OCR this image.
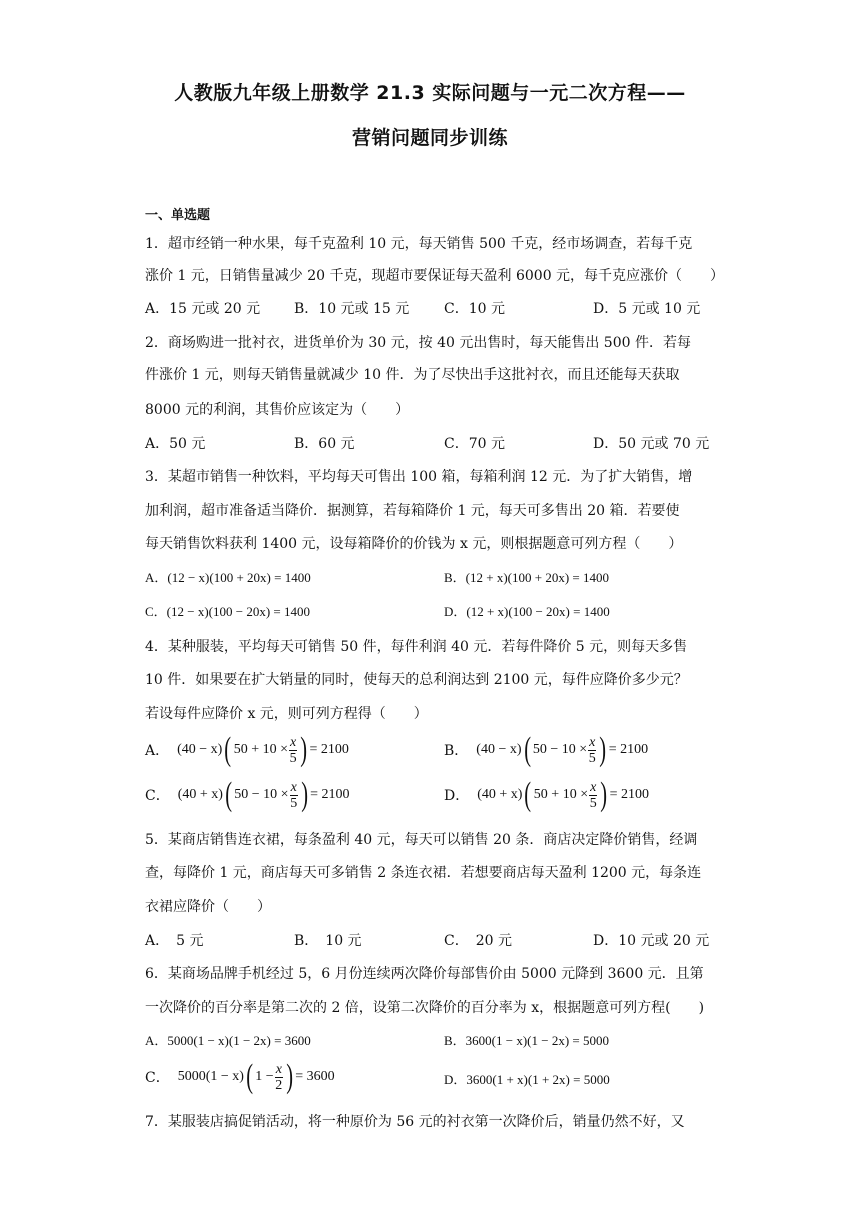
人教版九年级上册数学 21.3 实际问题与一元二次方程——
营销问题同步训练
一、单选题
1．超市经销一种水果，每千克盈利 10 元，每天销售 500 千克，经市场调查，若每千克
涨价 1 元，日销售量减少 20 千克，现超市要保证每天盈利 6000 元，每千克应涨价（　　）
A．15 元或 20 元 B．10 元或 15 元 C．10 元	D．5 元或 10 元
2．商场购进一批衬衣，进货单价为 30 元，按 40 元出售时，每天能售出 500 件．若每
件涨价 1 元，则每天销售量就减少 10 件．为了尽快出手这批衬衣，而且还能每天获取
8000 元的利润，其售价应该定为（　　）
A．50 元	B．60 元	C．70 元	D．50 元或 70 元
3．某超市销售一种饮料，平均每天可售出 100 箱，每箱利润 12 元．为了扩大销售，增
加利润，超市准备适当降价．据测算，若每箱降价 1 元，每天可多售出 20 箱．若要使
每天销售饮料获利 1400 元，设每箱降价的价钱为 x 元，则根据题意可列方程（　　）
A．(12 − x)(100 + 20x) = 1400	B．(12 + x)(100 + 20x) = 1400
C．(12 − x)(100 − 20x) = 1400	D．(12 + x)(100 − 20x) = 1400
4．某种服装，平均每天可销售 50 件，每件利润 40 元．若每件降价 5 元，则每天多售
10 件．如果要在扩大销量的同时，使每天的总利润达到 2100 元，每件应降价多少元？
若设每件应降价 x 元，则可列方程得（　　）
A． (40 − x) ( $50 + 10 \times \frac{x}{5}$ ) = 2100	B． (40 − x) ( $50 - 10 \times \frac{x}{5}$ ) = 2100
C． (40 + x) ( $50 - 10 \times \frac{x}{5}$ ) = 2100	D． (40 + x) ( $50 + 10 \times \frac{x}{5}$ ) = 2100
5．某商店销售连衣裙，每条盈利 40 元，每天可以销售 20 条．商店决定降价销售，经调
查，每降价 1 元，商店每天可多销售 2 条连衣裙．若想要商店每天盈利 1200 元，每条连
衣裙应降价（　　）
A．　5 元	B．　10 元	C．　20 元	D．10 元或 20 元
6．某商场品牌手机经过 5，6 月份连续两次降价每部售价由 5000 元降到 3600 元．且第
一次降价的百分率是第二次的 2 倍，设第二次降价的百分率为 x，根据题意可列方程(　　)
A．5000(1 − x)(1 − 2x) = 3600	B．3600(1 − x)(1 − 2x) = 5000
C． 5000(1 − x) ( $1 - \frac{x}{2}$ ) = 3600	D．3600(1 + x)(1 + 2x) = 5000
7．某服装店搞促销活动，将一种原价为 56 元的衬衣第一次降价后，销量仍然不好，又
